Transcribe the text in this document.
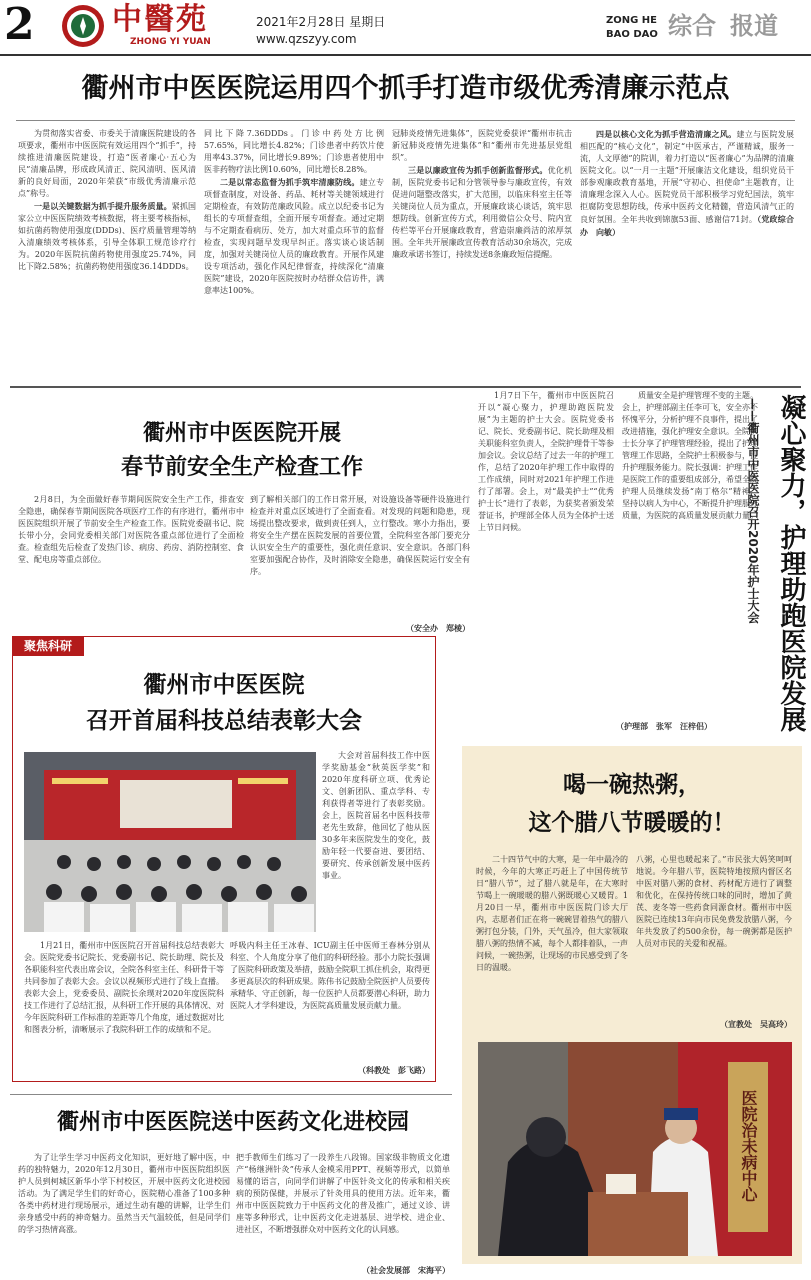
2	中醫苑
ZHONG YI YUAN
2021年2月28日 星期日
www.qzszyy.com
ZONG HE
BAO DAO 综合 报道
衢州市中医医院运用四个抓手打造市级优秀清廉示范点

为贯彻落实省委、市委关于清廉医院建设的各项要求，衢州市中医医院有效运用四个“抓手”，持续推进清廉医院建设，打造“医者廉心·五心为民”清廉品牌，形成政风清正、院风清明、医风清新的良好局面，2020年荣获“市级优秀清廉示范点”称号。

一是以关键数据为抓手提升服务质量。紧抓国家公立中医医院绩效考核数据，将主要考核指标，如抗菌药物使用强度(DDDs)、医疗质量管理等纳入清廉绩效考核体系，引导全体职工规范诊疗行为。2020年医院抗菌药物使用强度25.74%，同比下降2.58%；抗菌药物使用强度36.14DDDs。

同比下降7.36DDDs。门诊中药处方比例57.65%，同比增长4.82%；门诊患者中药饮片使用率43.37%，同比增长9.89%；门诊患者使用中医非药物疗法比例10.60%，同比增长8.28%。

二是以常态监督为抓手筑牢清廉防线。建立专项督查制度，对设备、药品、耗材等关键领域进行定期检查，有效防范廉政风险。成立以纪委书记为组长的专项督查组，全面开展专项督查。通过定期与不定期查看病历、处方，加大对重点环节的监督检查，实现问题早发现早纠正。落实谈心谈话制度，加强对关键岗位人员的廉政教育。开展作风建设专项活动，强化作风纪律督查，持续深化“清廉医院”建设，2020年医院按时办结群众信访件，满意率达100%。

冠肺炎疫情先进集体”，医院党委获评“衢州市抗击新冠肺炎疫情先进集体”和“衢州市先进基层党组织”。

三是以廉政宣传为抓手创新监督形式。优化机制，医院党委书记和分管领导参与廉政宣传，有效促进问题整改落实，扩大范围，以临床科室主任等关键岗位人员为重点，开展廉政谈心谈话，筑牢思想防线。创新宣传方式，利用微信公众号、院内宣传栏等平台开展廉政教育，营造崇廉尚洁的浓厚氛围。全年共开展廉政宣传教育活动30余场次，完成廉政承诺书签订，持续发送8条廉政短信提醒。

四是以核心文化为抓手营造清廉之风。建立与医院发展相匹配的“核心文化”，制定“中医承古，严谨精诚，服务一流，人文厚德”的院训，着力打造以“医者廉心”为品牌的清廉医院文化。以“一月一主题”开展廉洁文化建设，组织党员干部参观廉政教育基地，开展“守初心、担使命”主题教育，让清廉理念深入人心。医院党员干部积极学习党纪国法，筑牢拒腐防变思想防线，传承中医药文化精髓，营造风清气正的良好氛围。全年共收到锦旗53面、感谢信71封。（党政综合办　向敏）

衢州市中医医院开展
春节前安全生产检查工作

2月8日，为全面做好春节期间医院安全生产工作，排查安全隐患，确保春节期间医院各项医疗工作的有序进行，衢州市中医医院组织开展了节前安全生产检查工作。医院党委副书记、院长带小分，会同党委相关部门对医院各重点部位进行了全面检查。检查组先后检查了发热门诊、病房、药房、消防控制室、食堂、配电房等重点部位。

到了解相关部门的工作日常开展，对设施设备等硬件设施进行检查并对重点区域进行了全面查看。对发现的问题和隐患，现场提出整改要求，做到责任到人，立行整改。寒小力指出，要将安全生产摆在医院发展的首要位置，全院科室各部门要充分认识安全生产的重要性，强化责任意识、安全意识。各部门科室要加强配合协作，及时消除安全隐患，确保医院运行安全有序。

（安全办　郑棱）

1月7日下午，衢州市中医医院召开以“凝心聚力，护理助跑医院发展”为主题的护士大会。医院党委书记、院长、党委副书记、院长助理及相关职能科室负责人，全院护理骨干等参加会议。会议总结了过去一年的护理工作，总结了2020年护理工作中取得的工作成绩，同时对2021年护理工作进行了部署。会上，对“最美护士”“优秀护士长”进行了表彰，为获奖者颁发荣誉证书，护理部全体人员为全体护士送上节日问候。

质量安全是护理管理不变的主题。会上，护理部副主任李可飞，安全亦不怀愧平分，分析护理不良事件，提出了改进措施，强化护理安全意识。全院护士长分享了护理管理经验，提出了护理管理工作思路，全院护士积极参与，提升护理服务能力。院长强调：护理工作是医院工作的重要组成部分，希望全院护理人员继续发扬“南丁格尔”精神，坚持以病人为中心，不断提升护理服务质量，为医院的高质量发展贡献力量。

（护理部　张军　汪梓侣）	凝心聚力，护理助跑医院发展
——衢州市中医医院召开2020年护士大会
聚焦科研
衢州市中医医院
召开首届科技总结表彰大会

大会对首届科技工作中医学奖励基金“秋英医学奖”和2020年度科研立项、优秀论文、创新团队、重点学科、专利获得者等进行了表彰奖励。会上，医院首届名中医科技带老先生致辞，他回忆了他从医30多年来医院发生的变化，鼓励年轻一代要奋进、要团结、要研究、传承创新发展中医药事业。

1月21日，衢州市中医医院召开首届科技总结表彰大会。医院党委书记院长、党委副书记、院长助理、院长及各职能科室代表出席会议，全院各科室主任、科研骨干等共同参加了表彰大会。会议以视频形式进行了线上直播。表彰大会上，党委委员、副院长余璞对2020年度医院科技工作进行了总结汇报，从科研工作开展的具体情况、对今年医院科研工作标准的差距等几个角度，通过数据对比和图表分析，清晰展示了我院科研工作的成绩和不足。

呼吸内科主任王冰春、ICU副主任中医师王春林分别从科室、个人角度分享了他们的科研经验。那小力院长强调了医院科研政策及举措，鼓励全院职工抓住机会，取得更多更高层次的科研成果。陈伟书记鼓励全院医护人员要传承精华、守正创新，每一位医护人员都要潜心科研，助力医院人才学科建设，为医院高质量发展贡献力量。

（科教处　彭飞路）
喝一碗热粥，
这个腊八节暖暖的！

二十四节气中的大寒，是一年中最冷的时候，今年的大寒正巧赶上了中国传统节日“腊八节”，过了腊八就是年，在大寒时节喝上一碗暖暖的腊八粥既暖心又暖胃。1月20日一早，衢州市中医医院门诊大厅内，志愿者们正在将一碗碗冒着热气的腊八粥打包分装，门外，天气虽冷，但大家领取腊八粥的热情不减，每个人都排着队，一声问候，一碗热粥，让现场的市民感受到了冬日的温暖。

八粥，心里也暖起来了。”市民张大妈笑呵呵地说。今年腊八节，医院特地按照内督区名中医对腊八粥的食材、药材配方进行了调整和优化，在保持传统口味的同时，增加了黄芪、麦冬等一些药食同源食材。衢州市中医医院已连续13年向市民免费发放腊八粥，今年共发放了约500余份，每一碗粥都是医护人员对市民的关爱和祝福。

（宣教处　吴高玲）
医院治未病中心
衢州市中医医院送中医药文化进校园

为了让学生学习中医药文化知识，更好地了解中医，中药的独特魅力，2020年12月30日，衢州市中医医院组织医护人员到柯城区新华小学下村校区，开展中医药文化进校园活动。为了满足学生们的好奇心，医院精心准备了100多种各类中药材进行现场展示，通过生动有趣的讲解，让学生们亲身感受中药的神奇魅力。虽然当天气温较低，但是同学们的学习热情高涨。

把手教师生们练习了一段养生八段锦。国家级非物质文化遗产“杨继洲针灸”传承人金模采用PPT、视频等形式，以简单易懂的语言，向同学们讲解了中医针灸文化的传承和相关疾病的预防保健，并展示了针灸用具的使用方法。近年来，衢州市中医医院致力于中医药文化的普及推广，通过义诊、讲座等多种形式，让中医药文化走进基层、进学校、进企业、进社区，不断增强群众对中医药文化的认同感。

（社会发展部　宋海平）
